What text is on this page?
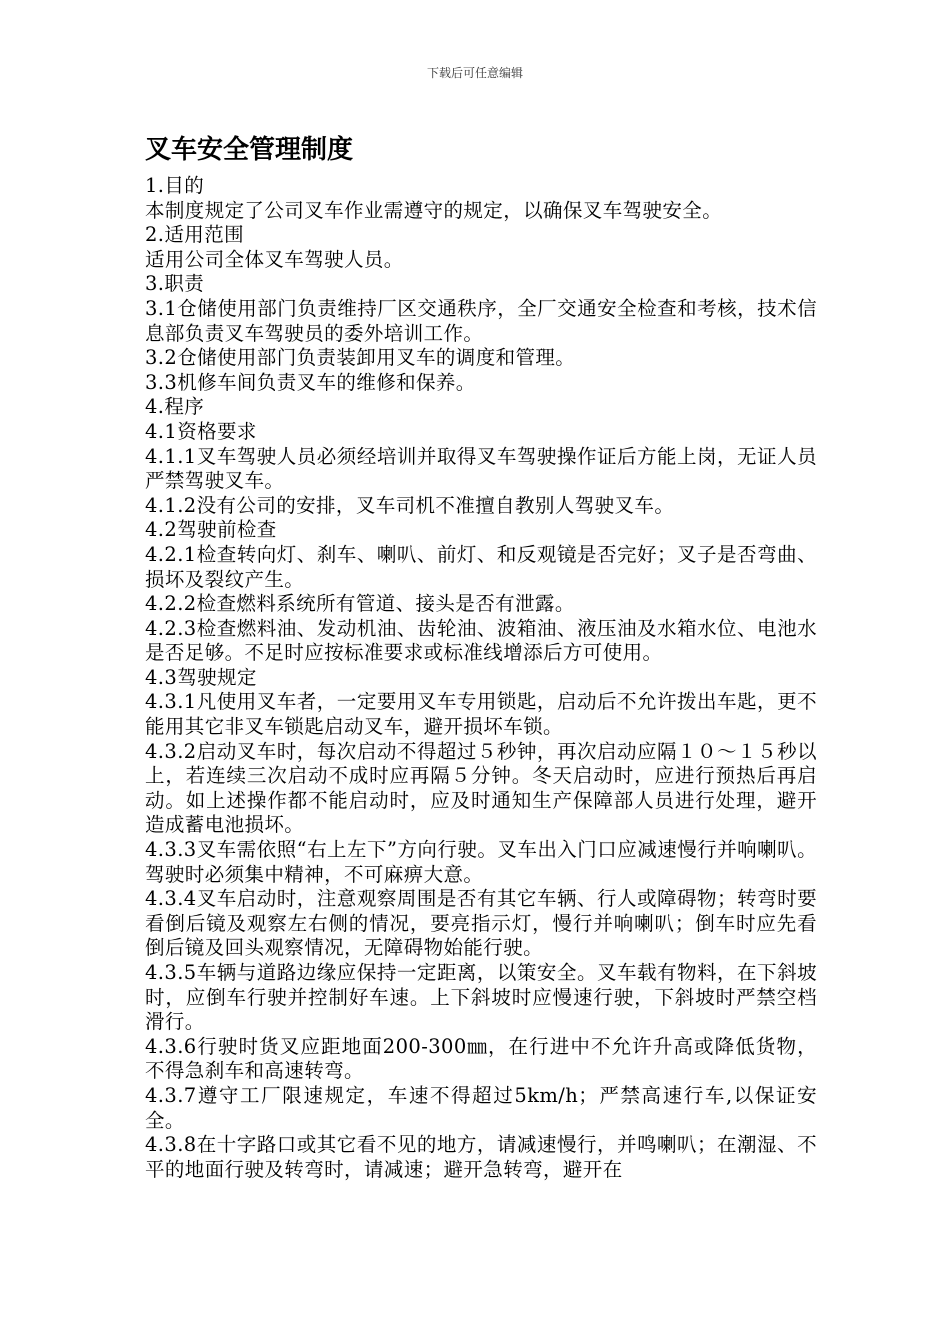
下载后可任意编辑
叉车安全管理制度

1.目的

本制度规定了公司叉车作业需遵守的规定，以确保叉车驾驶安全。

2.适用范围

适用公司全体叉车驾驶人员。

3.职责

3.1仓储使用部门负责维持厂区交通秩序，全厂交通安全检查和考核，技术信息部负责叉车驾驶员的委外培训工作。

3.2仓储使用部门负责装卸用叉车的调度和管理。

3.3机修车间负责叉车的维修和保养。

4.程序

4.1资格要求

4.1.1叉车驾驶人员必须经培训并取得叉车驾驶操作证后方能上岗，无证人员严禁驾驶叉车。

4.1.2没有公司的安排，叉车司机不准擅自教别人驾驶叉车。

4.2驾驶前检查

4.2.1检查转向灯、刹车、喇叭、前灯、和反观镜是否完好；叉子是否弯曲、损坏及裂纹产生。

4.2.2检查燃料系统所有管道、接头是否有泄露。

4.2.3检查燃料油、发动机油、齿轮油、波箱油、液压油及水箱水位、电池水是否足够。不足时应按标准要求或标准线增添后方可使用。

4.3驾驶规定

4.3.1凡使用叉车者，一定要用叉车专用锁匙，启动后不允许拨出车匙，更不能用其它非叉车锁匙启动叉车，避开损坏车锁。

4.3.2启动叉车时，每次启动不得超过５秒钟，再次启动应隔１０～１５秒以上，若连续三次启动不成时应再隔５分钟。冬天启动时，应进行预热后再启动。如上述操作都不能启动时，应及时通知生产保障部人员进行处理，避开造成蓄电池损坏。

4.3.3叉车需依照“右上左下”方向行驶。叉车出入门口应减速慢行并响喇叭。驾驶时必须集中精神，不可麻痹大意。

4.3.4叉车启动时，注意观察周围是否有其它车辆、行人或障碍物；转弯时要看倒后镜及观察左右侧的情况，要亮指示灯，慢行并响喇叭；倒车时应先看倒后镜及回头观察情况，无障碍物始能行驶。

4.3.5车辆与道路边缘应保持一定距离，以策安全。叉车载有物料，在下斜坡时，应倒车行驶并控制好车速。上下斜坡时应慢速行驶，下斜坡时严禁空档滑行。

4.3.6行驶时货叉应距地面200-300㎜，在行进中不允许升高或降低货物，不得急刹车和高速转弯。

4.3.7遵守工厂限速规定，车速不得超过5km/h；严禁高速行车,以保证安全。

4.3.8在十字路口或其它看不见的地方，请减速慢行，并鸣喇叭；在潮湿、不平的地面行驶及转弯时，请减速；避开急转弯，避开在
